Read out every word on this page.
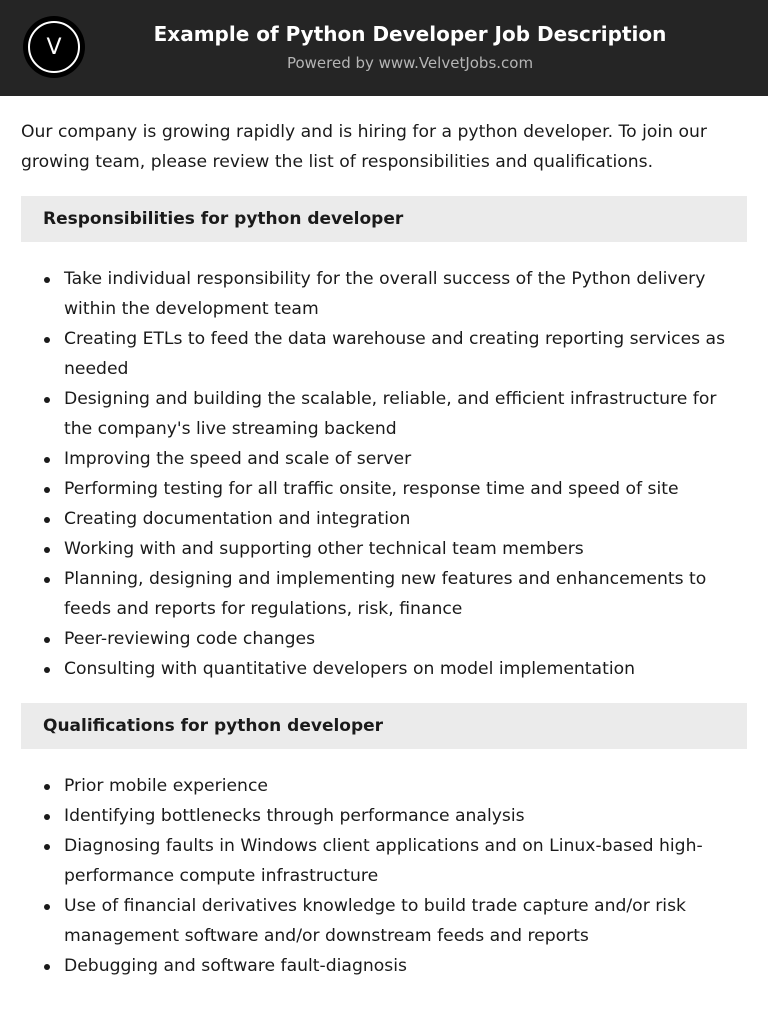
V
Example of Python Developer Job Description
Powered by www.VelvetJobs.com

Our company is growing rapidly and is hiring for a python developer. To join our growing team, please review the list of responsibilities and qualifications.

Responsibilities for python developer
Take individual responsibility for the overall success of the Python delivery within the development team
Creating ETLs to feed the data warehouse and creating reporting services as needed
Designing and building the scalable, reliable, and efficient infrastructure for the company's live streaming backend
Improving the speed and scale of server
Performing testing for all traffic onsite, response time and speed of site
Creating documentation and integration
Working with and supporting other technical team members
Planning, designing and implementing new features and enhancements to feeds and reports for regulations, risk, finance
Peer-reviewing code changes
Consulting with quantitative developers on model implementation
Qualifications for python developer
Prior mobile experience
Identifying bottlenecks through performance analysis
Diagnosing faults in Windows client applications and on Linux-based high-performance compute infrastructure
Use of financial derivatives knowledge to build trade capture and/or risk management software and/or downstream feeds and reports
Debugging and software fault-diagnosis
